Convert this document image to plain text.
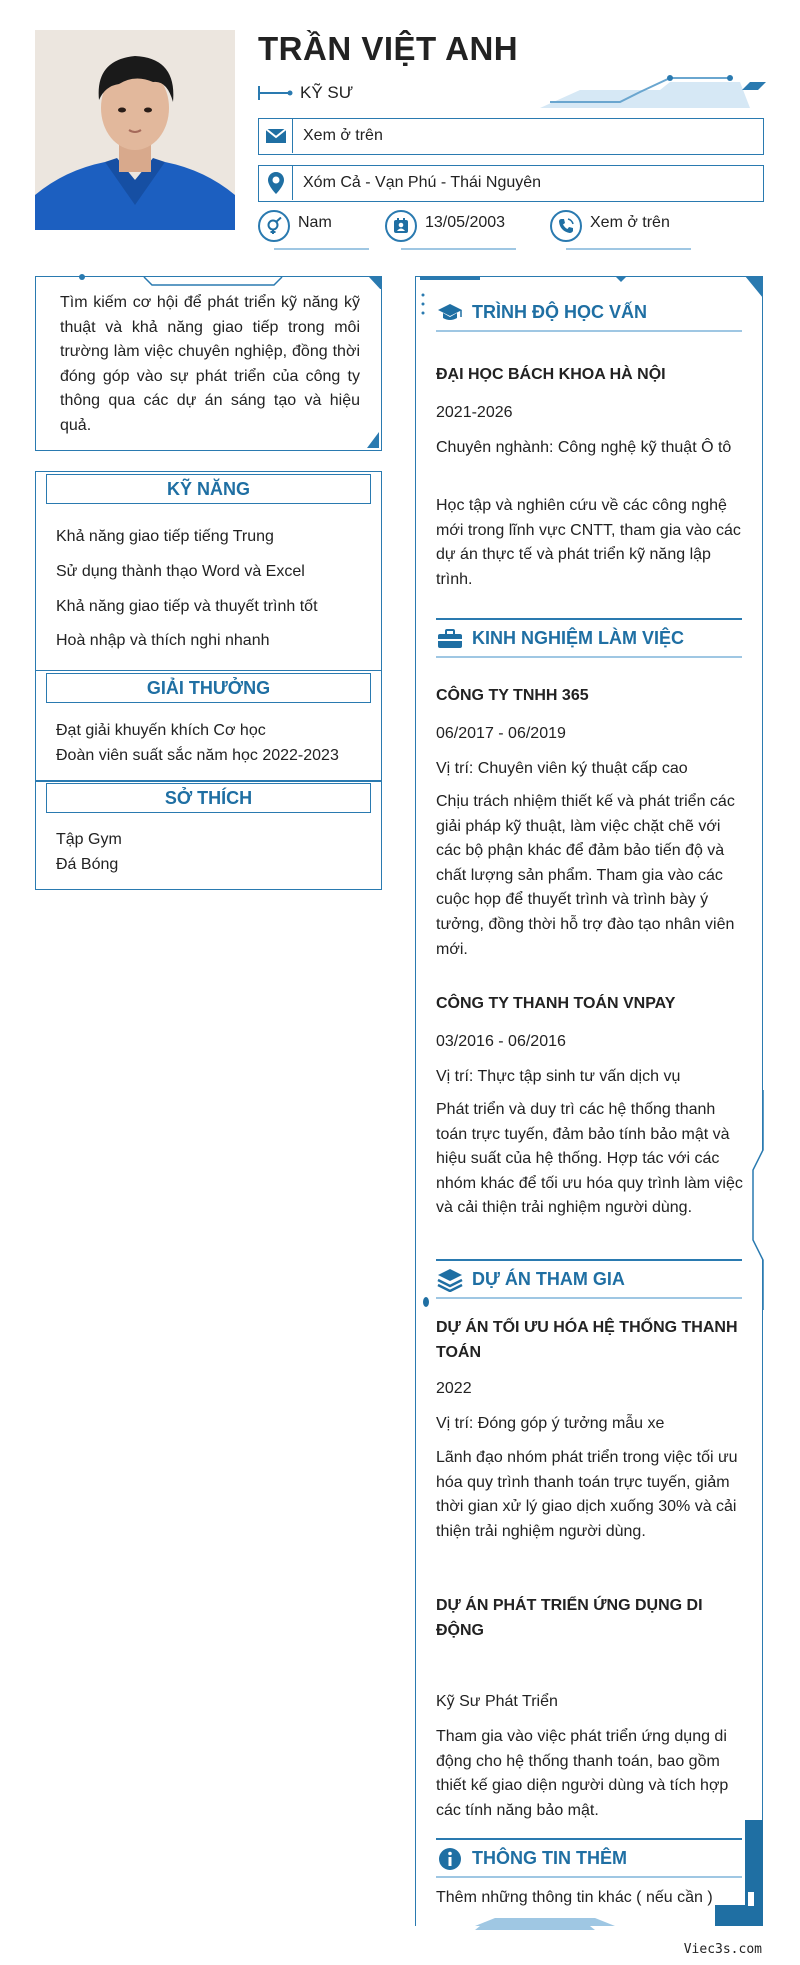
TRẦN VIỆT ANH
KỸ SƯ
Xem ở trên
Xóm Cả - Vạn Phú - Thái Nguyên
Nam	13/05/2003	Xem ở trên
Tìm kiếm cơ hội để phát triển kỹ năng kỹ thuật và khả năng giao tiếp trong môi trường làm việc chuyên nghiệp, đồng thời đóng góp vào sự phát triển của công ty thông qua các dự án sáng tạo và hiệu quả.
KỸ NĂNG
Khả năng giao tiếp tiếng Trung
Sử dụng thành thạo Word và Excel
Khả năng giao tiếp và thuyết trình tốt
Hoà nhập và thích nghi nhanh
GIẢI THƯỞNG
Đạt giải khuyến khích Cơ học
Đoàn viên suất sắc năm học 2022-2023
SỞ THÍCH
Tập Gym
Đá Bóng
TRÌNH ĐỘ HỌC VẤN
ĐẠI HỌC BÁCH KHOA HÀ NỘI
2021-2026
Chuyên nghành: Công nghệ kỹ thuật Ô tô
Học tập và nghiên cứu về các công nghệ mới trong lĩnh vực CNTT, tham gia vào các dự án thực tế và phát triển kỹ năng lập trình.
KINH NGHIỆM LÀM VIỆC
CÔNG TY TNHH 365
06/2017 - 06/2019
Vị trí: Chuyên viên ký thuật cấp cao
Chịu trách nhiệm thiết kế và phát triển các giải pháp kỹ thuật, làm việc chặt chẽ với các bộ phận khác để đảm bảo tiến độ và chất lượng sản phẩm. Tham gia vào các cuộc họp để thuyết trình và trình bày ý tưởng, đồng thời hỗ trợ đào tạo nhân viên mới.
CÔNG TY THANH TOÁN VNPAY
03/2016 - 06/2016
Vị trí: Thực tập sinh tư vấn dịch vụ
Phát triển và duy trì các hệ thống thanh toán trực tuyến, đảm bảo tính bảo mật và hiệu suất của hệ thống. Hợp tác với các nhóm khác để tối ưu hóa quy trình làm việc và cải thiện trải nghiệm người dùng.
DỰ ÁN THAM GIA
DỰ ÁN TỐI ƯU HÓA HỆ THỐNG THANH TOÁN
2022
Vị trí: Đóng góp ý tưởng mẫu xe
Lãnh đạo nhóm phát triển trong việc tối ưu hóa quy trình thanh toán trực tuyến, giảm thời gian xử lý giao dịch xuống 30% và cải thiện trải nghiệm người dùng.
DỰ ÁN PHÁT TRIỂN ỨNG DỤNG DI ĐỘNG
Kỹ Sư Phát Triển
Tham gia vào việc phát triển ứng dụng di động cho hệ thống thanh toán, bao gồm thiết kế giao diện người dùng và tích hợp các tính năng bảo mật.
THÔNG TIN THÊM
Thêm những thông tin khác ( nếu cần )
Viec3s.com
